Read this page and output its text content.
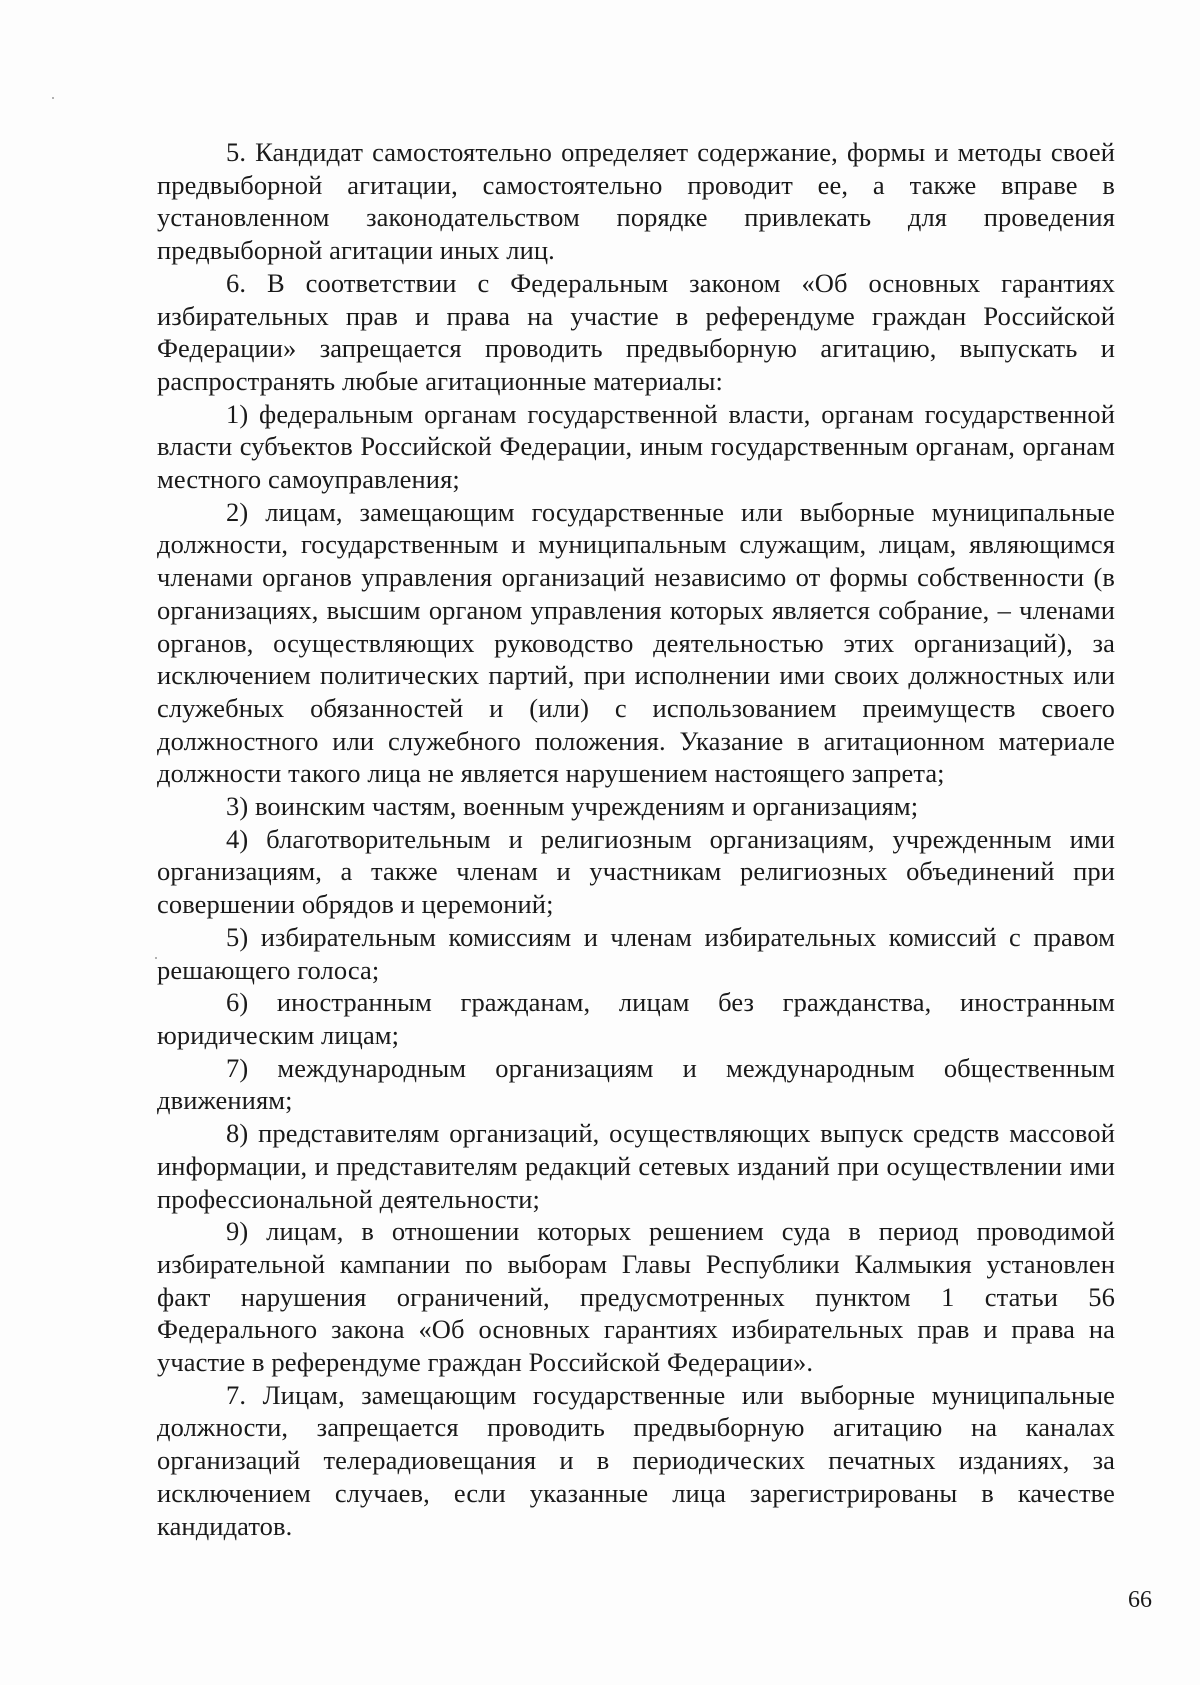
5. Кандидат самостоятельно определяет содержание, формы и методы своей предвыборной агитации, самостоятельно проводит ее, а также вправе в установленном законодательством порядке привлекать для проведения предвыборной агитации иных лиц.

6. В соответствии с Федеральным законом «Об основных гарантиях избирательных прав и права на участие в референдуме граждан Российской Федерации» запрещается проводить предвыборную агитацию, выпускать и распространять любые агитационные материалы:

1) федеральным органам государственной власти, органам государственной власти субъектов Российской Федерации, иным государственным органам, органам местного самоуправления;

2) лицам, замещающим государственные или выборные муниципальные должности, государственным и муниципальным служащим, лицам, являющимся членами органов управления организаций независимо от формы собственности (в организациях, высшим органом управления которых является собрание, – членами органов, осуществляющих руководство деятельностью этих организаций), за исключением политических партий, при исполнении ими своих должностных или служебных обязанностей и (или) с использованием преимуществ своего должностного или служебного положения. Указание в агитационном материале должности такого лица не является нарушением настоящего запрета;

3) воинским частям, военным учреждениям и организациям;

4) благотворительным и религиозным организациям, учрежденным ими организациям, а также членам и участникам религиозных объединений при совершении обрядов и церемоний;

5) избирательным комиссиям и членам избирательных комиссий с правом решающего голоса;

6) иностранным гражданам, лицам без гражданства, иностранным юридическим лицам;

7) международным организациям и международным общественным движениям;

8) представителям организаций, осуществляющих выпуск средств массовой информации, и представителям редакций сетевых изданий при осуществлении ими профессиональной деятельности;

9) лицам, в отношении которых решением суда в период проводимой избирательной кампании по выборам Главы Республики Калмыкия установлен факт нарушения ограничений, предусмотренных пунктом 1 статьи 56 Федерального закона «Об основных гарантиях избирательных прав и права на участие в референдуме граждан Российской Федерации».

7. Лицам, замещающим государственные или выборные муниципальные должности, запрещается проводить предвыборную агитацию на каналах организаций телерадиовещания и в периодических печатных изданиях, за исключением случаев, если указанные лица зарегистрированы в качестве кандидатов.

66
